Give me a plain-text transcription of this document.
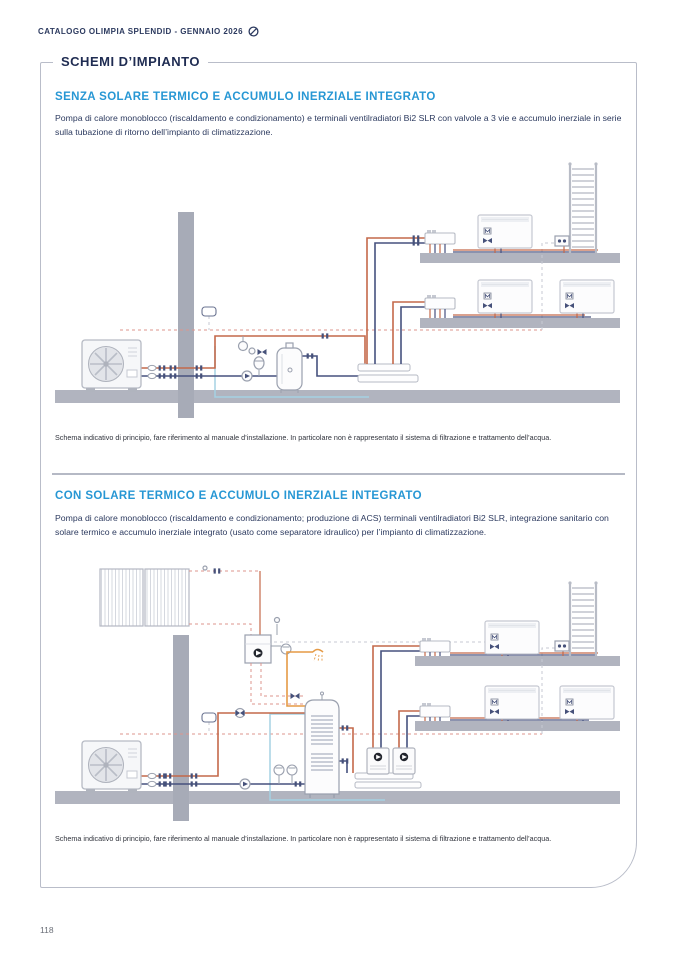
CATALOGO OLIMPIA SPLENDID - GENNAIO 2026
SCHEMI D’IMPIANTO
SENZA SOLARE TERMICO E ACCUMULO INERZIALE INTEGRATO
Pompa di calore monoblocco (riscaldamento e condizionamento) e terminali ventilradiatori Bi2 SLR con valvole a 3 vie e accumulo inerziale in serie sulla tubazione di ritorno dell’impianto di climatizzazione.
Schema indicativo di principio, fare riferimento al manuale d’installazione. In particolare non è rappresentato il sistema di filtrazione e trattamento dell’acqua.
CON SOLARE TERMICO E ACCUMULO INERZIALE INTEGRATO
Pompa di calore monoblocco (riscaldamento e condizionamento; produzione di ACS) terminali ventilradiatori Bi2 SLR, integrazione sanitario con solare termico e accumulo inerziale integrato (usato come separatore idraulico) per l’impianto di climatizzazione.
Schema indicativo di principio, fare riferimento al manuale d’installazione. In particolare non è rappresentato il sistema di filtrazione e trattamento dell’acqua.
118
